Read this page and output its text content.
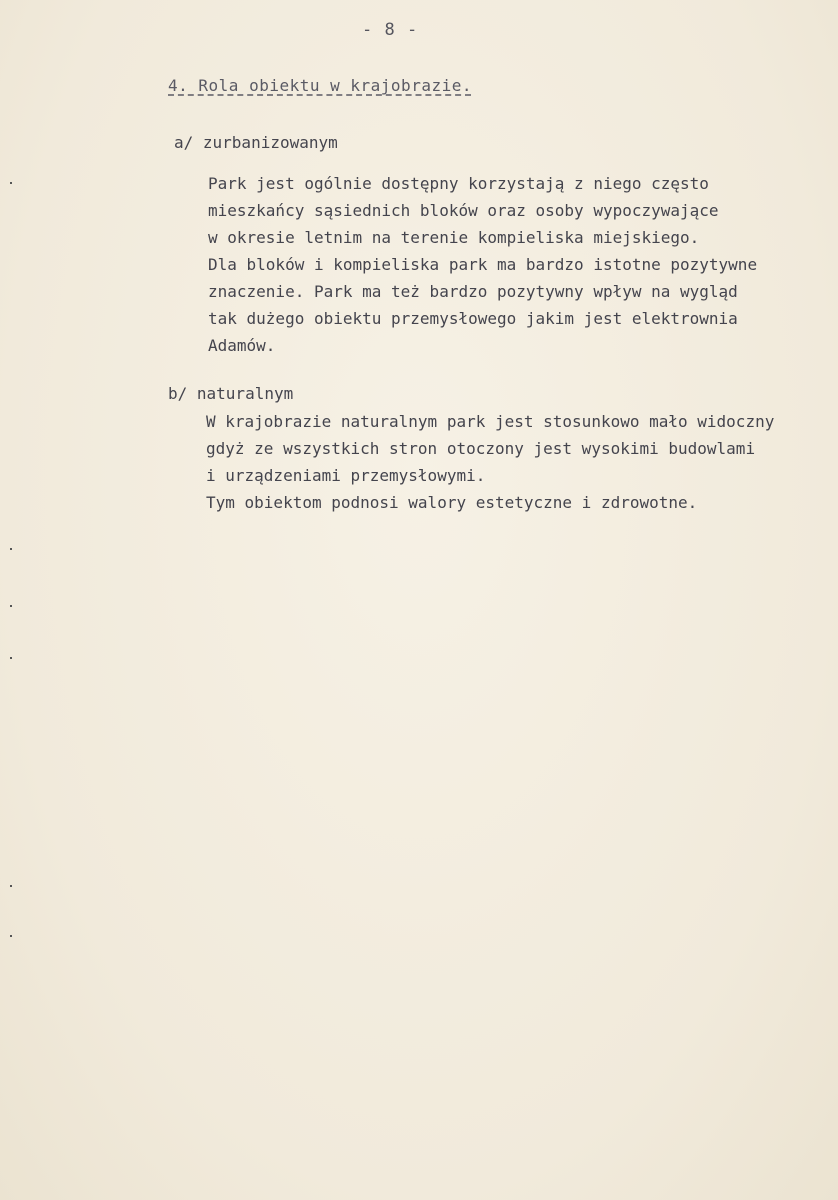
- 8 -
4. Rola obiektu w krajobrazie.
a/ zurbanizowanym

Park jest ogólnie dostępny korzystają z niego często
mieszkańcy sąsiednich bloków oraz osoby wypoczywające
w okresie letnim na terenie kompieliska miejskiego.
Dla bloków i kompieliska park ma bardzo istotne pozytywne
znaczenie. Park ma też bardzo pozytywny wpływ na wygląd
tak dużego obiektu przemysłowego jakim jest elektrownia
Adamów.

b/ naturalnym

W krajobrazie naturalnym park jest stosunkowo mało widoczny
gdyż ze wszystkich stron otoczony jest wysokimi budowlami
i urządzeniami przemysłowymi.
Tym obiektom podnosi walory estetyczne i zdrowotne.
